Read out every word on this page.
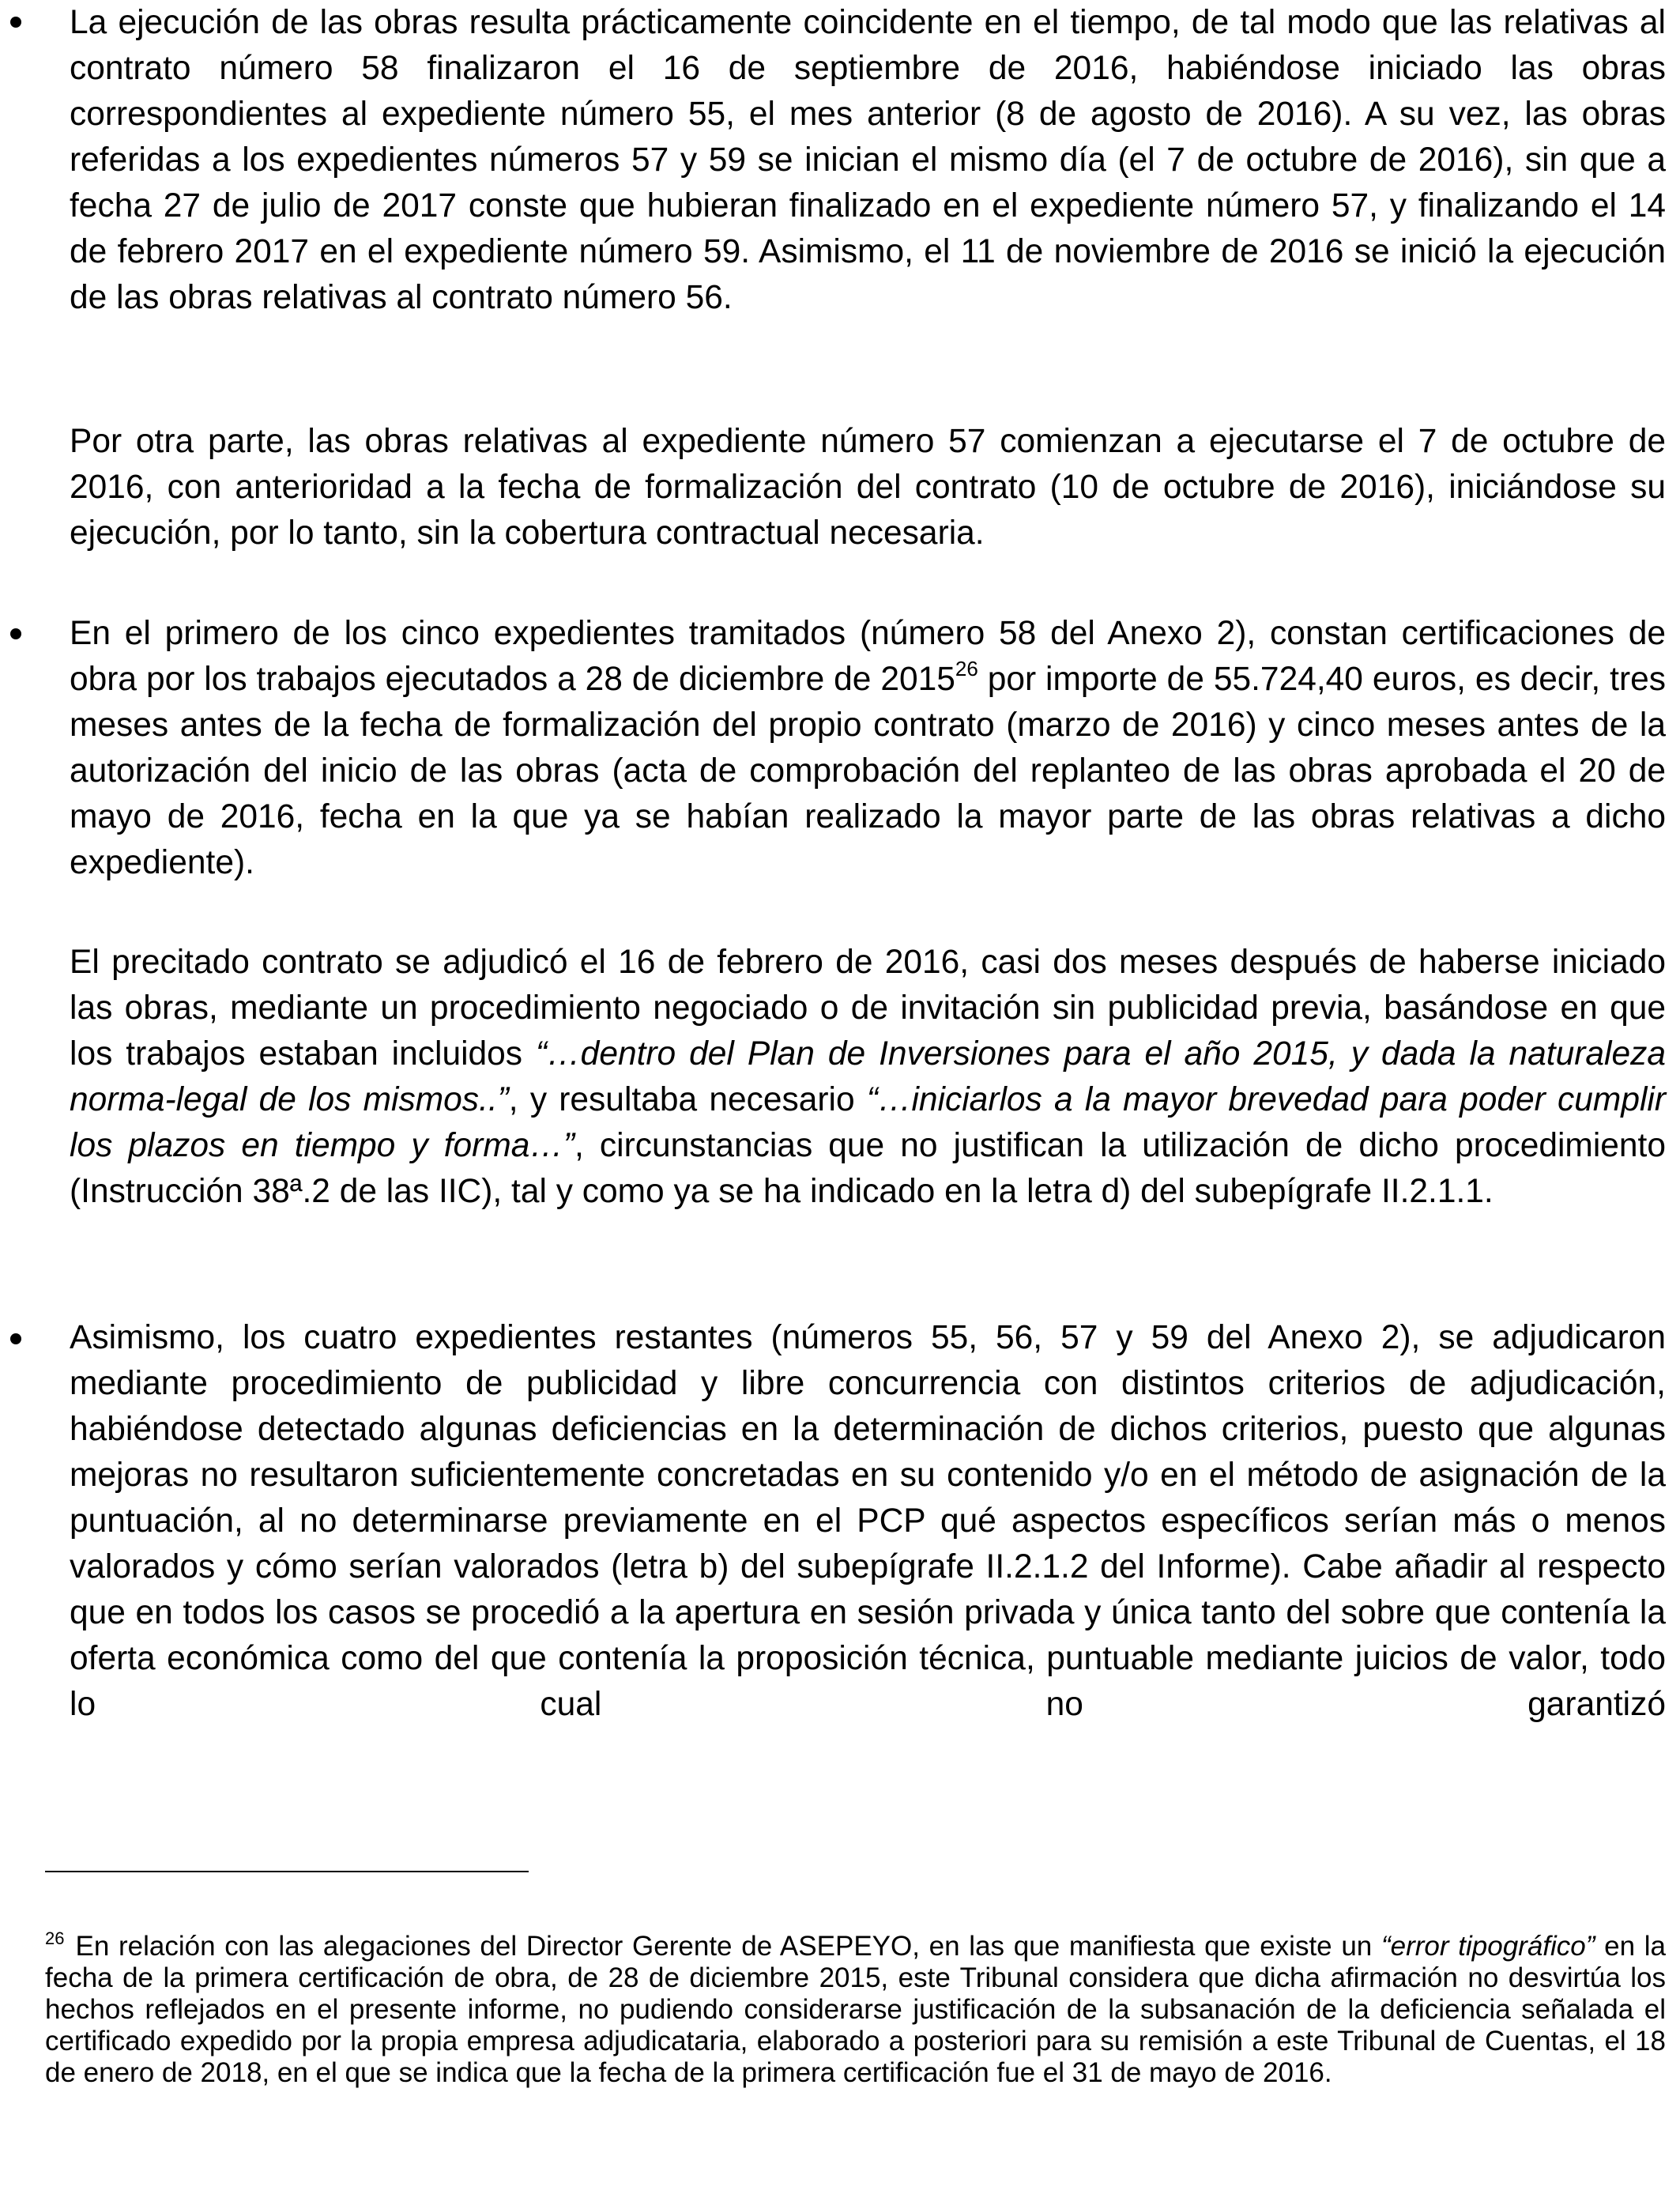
La ejecución de las obras resulta prácticamente coincidente en el tiempo, de tal modo que las relativas al contrato número 58 finalizaron el 16 de septiembre de 2016, habiéndose iniciado las obras correspondientes al expediente número 55, el mes anterior (8 de agosto de 2016). A su vez, las obras referidas a los expedientes números 57 y 59 se inician el mismo día (el 7 de octubre de 2016), sin que a fecha 27 de julio de 2017 conste que hubieran finalizado en el expediente número 57, y finalizando el 14 de febrero 2017 en el expediente número 59. Asimismo, el 11 de noviembre de 2016 se inició la ejecución de las obras relativas al contrato número 56.

Por otra parte, las obras relativas al expediente número 57 comienzan a ejecutarse el 7 de octubre de 2016, con anterioridad a la fecha de formalización del contrato (10 de octubre de 2016), iniciándose su ejecución, por lo tanto, sin la cobertura contractual necesaria.

En el primero de los cinco expedientes tramitados (número 58 del Anexo 2), constan certificaciones de obra por los trabajos ejecutados a 28 de diciembre de 2015$^{26}$ por importe de 55.724,40 euros, es decir, tres meses antes de la fecha de formalización del propio contrato (marzo de 2016) y cinco meses antes de la autorización del inicio de las obras (acta de comprobación del replanteo de las obras aprobada el 20 de mayo de 2016, fecha en la que ya se habían realizado la mayor parte de las obras relativas a dicho expediente).

El precitado contrato se adjudicó el 16 de febrero de 2016, casi dos meses después de haberse iniciado las obras, mediante un procedimiento negociado o de invitación sin publicidad previa, basándose en que los trabajos estaban incluidos “…dentro del Plan de Inversiones para el año 2015, y dada la naturaleza norma-legal de los mismos..”, y resultaba necesario “…iniciarlos a la mayor brevedad para poder cumplir los plazos en tiempo y forma…”, circunstancias que no justifican la utilización de dicho procedimiento (Instrucción 38ª.2 de las IIC), tal y como ya se ha indicado en la letra d) del subepígrafe II.2.1.1.

Asimismo, los cuatro expedientes restantes (números 55, 56, 57 y 59 del Anexo 2), se adjudicaron mediante procedimiento de publicidad y libre concurrencia con distintos criterios de adjudicación, habiéndose detectado algunas deficiencias en la determinación de dichos criterios, puesto que algunas mejoras no resultaron suficientemente concretadas en su contenido y/o en el método de asignación de la puntuación, al no determinarse previamente en el PCP qué aspectos específicos serían más o menos valorados y cómo serían valorados (letra b) del subepígrafe II.2.1.2 del Informe). Cabe añadir al respecto que en todos los casos se procedió a la apertura en sesión privada y única tanto del sobre que contenía la oferta económica como del que contenía la proposición técnica, puntuable mediante juicios de valor, todo lo cual no garantizó

$^{26}$ En relación con las alegaciones del Director Gerente de ASEPEYO, en las que manifiesta que existe un “error tipográfico” en la fecha de la primera certificación de obra, de 28 de diciembre 2015, este Tribunal considera que dicha afirmación no desvirtúa los hechos reflejados en el presente informe, no pudiendo considerarse justificación de la subsanación de la deficiencia señalada el certificado expedido por la propia empresa adjudicataria, elaborado a posteriori para su remisión a este Tribunal de Cuentas, el 18 de enero de 2018, en el que se indica que la fecha de la primera certificación fue el 31 de mayo de 2016.
